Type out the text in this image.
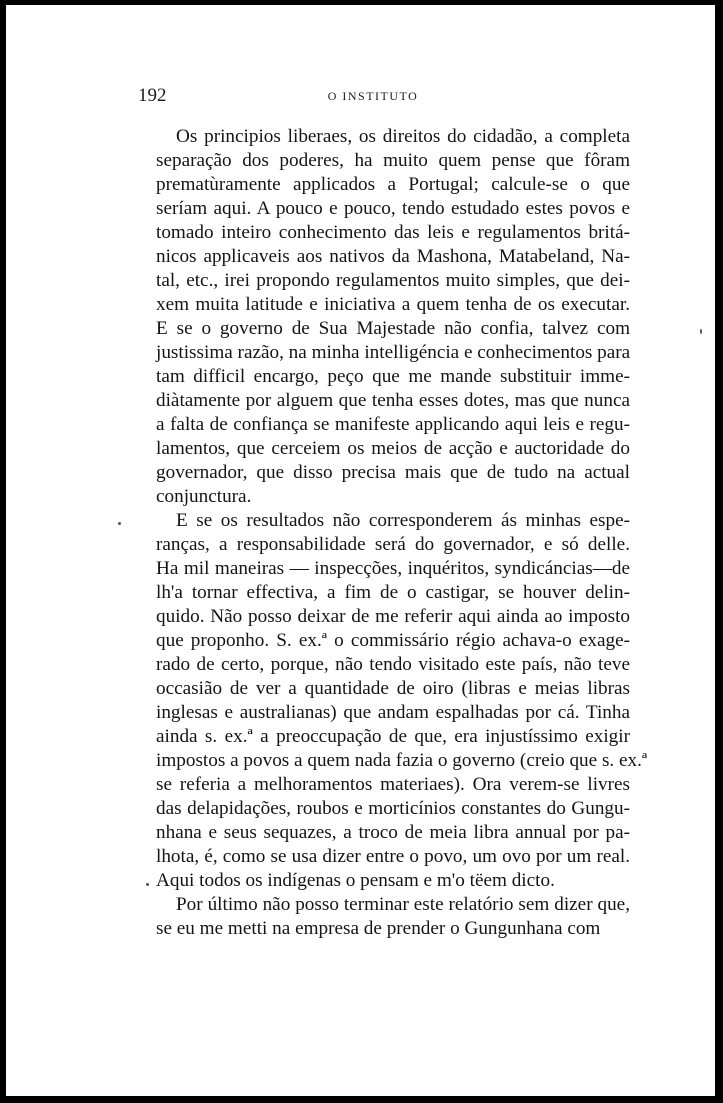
192	O INSTITUTO
Os principios liberaes, os direitos do cidadão, a completa
separação dos poderes, ha muito quem pense que fôram
prematùramente applicados a Portugal; calcule-se o que
seríam aqui. A pouco e pouco, tendo estudado estes povos e
tomado inteiro conhecimento das leis e regulamentos britá-
nicos applicaveis aos nativos da Mashona, Matabeland, Na-
tal, etc., irei propondo regulamentos muito simples, que dei-
xem muita latitude e iniciativa a quem tenha de os executar.
E se o governo de Sua Majestade não confia, talvez com
justissima razão, na minha intelligéncia e conhecimentos para
tam difficil encargo, peço que me mande substituir imme-
diàtamente por alguem que tenha esses dotes, mas que nunca
a falta de confiança se manifeste applicando aqui leis e regu-
lamentos, que cerceiem os meios de acção e auctoridade do
governador, que disso precisa mais que de tudo na actual
conjunctura.
E se os resultados não corresponderem ás minhas espe-
ranças, a responsabilidade será do governador, e só delle.
Ha mil maneiras — inspecções, inquéritos, syndicáncias—de
lh'a tornar effectiva, a fim de o castigar, se houver delin-
quido. Não posso deixar de me referir aqui ainda ao imposto
que proponho. S. ex.ª o commissário régio achava-o exage-
rado de certo, porque, não tendo visitado este país, não teve
occasião de ver a quantidade de oiro (libras e meias libras
inglesas e australianas) que andam espalhadas por cá. Tinha
ainda s. ex.ª a preoccupação de que, era injustíssimo exigir
impostos a povos a quem nada fazia o governo (creio que s. ex.ª
se referia a melhoramentos materiaes). Ora verem-se livres
das delapidações, roubos e morticínios constantes do Gungu-
nhana e seus sequazes, a troco de meia libra annual por pa-
lhota, é, como se usa dizer entre o povo, um ovo por um real.
Aqui todos os indígenas o pensam e m'o tëem dicto.
Por último não posso terminar este relatório sem dizer que,
se eu me metti na empresa de prender o Gungunhana com
